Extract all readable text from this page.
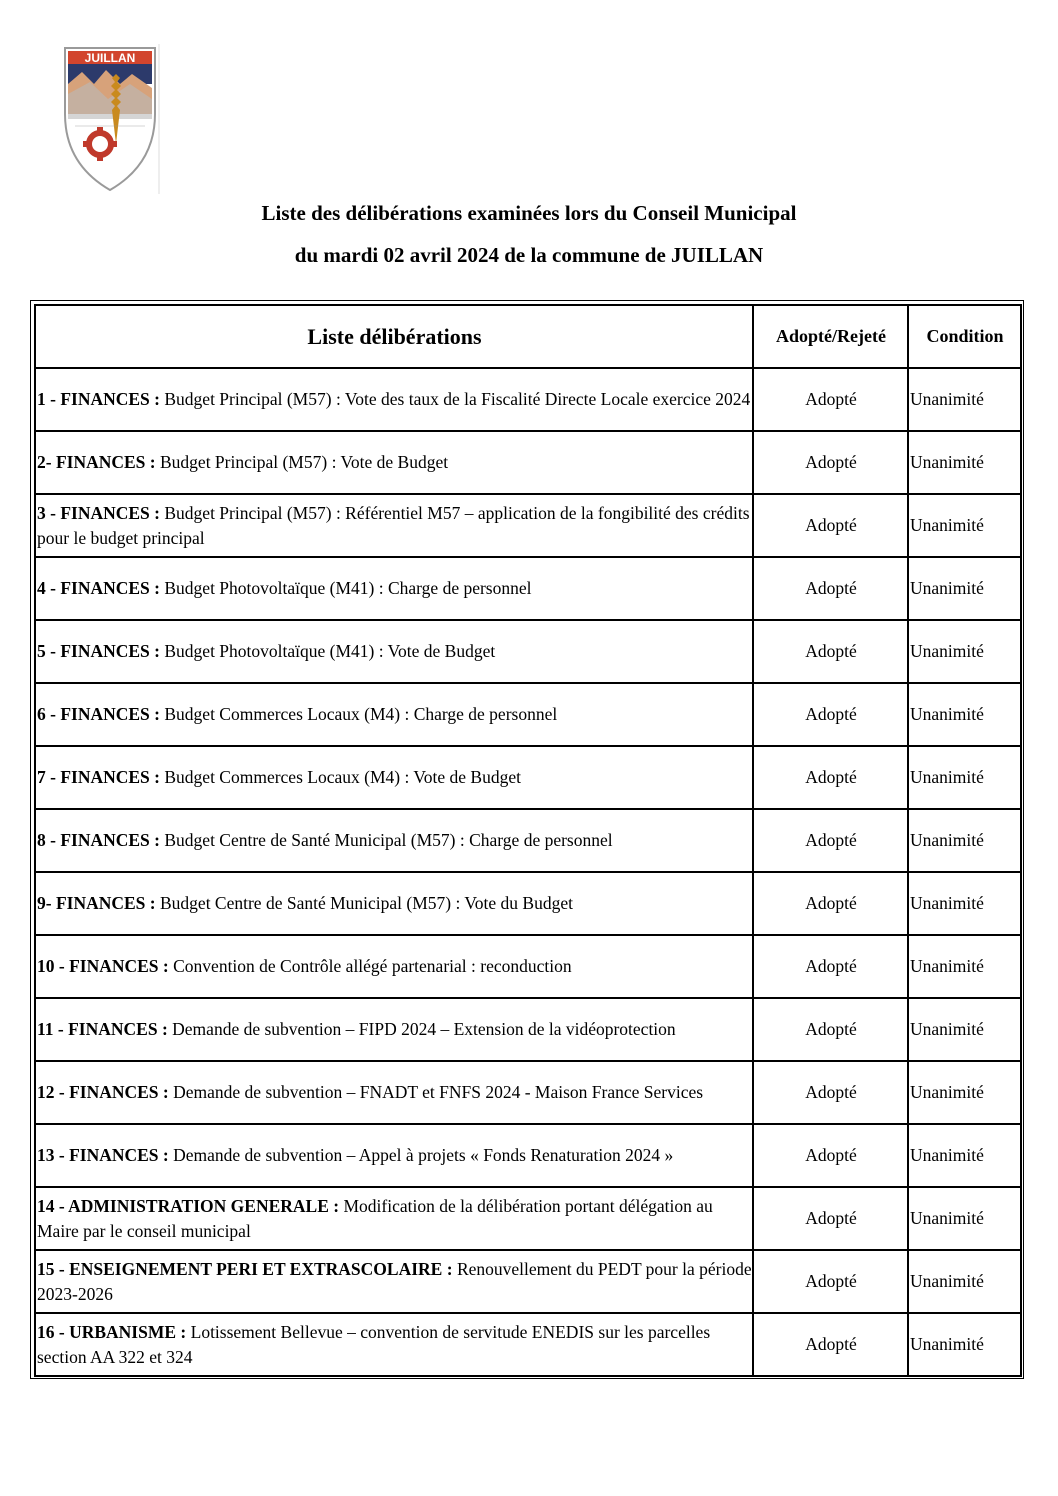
JUILLAN
Liste des délibérations examinées lors du Conseil Municipal
du mardi 02 avril 2024 de la commune de JUILLAN
Liste délibérations	Adopté/Rejeté	Condition
1 - FINANCES : Budget Principal (M57) : Vote des taux de la Fiscalité Directe Locale exercice 2024	Adopté	Unanimité
2- FINANCES : Budget Principal (M57) : Vote de Budget	Adopté	Unanimité
3 - FINANCES : Budget Principal (M57) : Référentiel M57 – application de la fongibilité des crédits pour le budget principal	Adopté	Unanimité
4 - FINANCES : Budget Photovoltaïque (M41) : Charge de personnel	Adopté	Unanimité
5 - FINANCES : Budget Photovoltaïque (M41) : Vote de Budget	Adopté	Unanimité
6 - FINANCES : Budget Commerces Locaux (M4) : Charge de personnel	Adopté	Unanimité
7 - FINANCES : Budget Commerces Locaux (M4) : Vote de Budget	Adopté	Unanimité
8 - FINANCES : Budget Centre de Santé Municipal (M57) : Charge de personnel	Adopté	Unanimité
9- FINANCES : Budget Centre de Santé Municipal (M57) : Vote du Budget	Adopté	Unanimité
10 - FINANCES : Convention de Contrôle allégé partenarial : reconduction	Adopté	Unanimité
11 - FINANCES : Demande de subvention – FIPD 2024 – Extension de la vidéoprotection	Adopté	Unanimité
12 - FINANCES : Demande de subvention – FNADT et FNFS 2024 - Maison France Services	Adopté	Unanimité
13 - FINANCES : Demande de subvention – Appel à projets « Fonds Renaturation 2024 »	Adopté	Unanimité
14 - ADMINISTRATION GENERALE : Modification de la délibération portant délégation au Maire par le conseil municipal	Adopté	Unanimité
15 - ENSEIGNEMENT PERI ET EXTRASCOLAIRE : Renouvellement du PEDT pour la période 2023-2026	Adopté	Unanimité
16 - URBANISME : Lotissement Bellevue – convention de servitude ENEDIS sur les parcelles section AA 322 et 324	Adopté	Unanimité
